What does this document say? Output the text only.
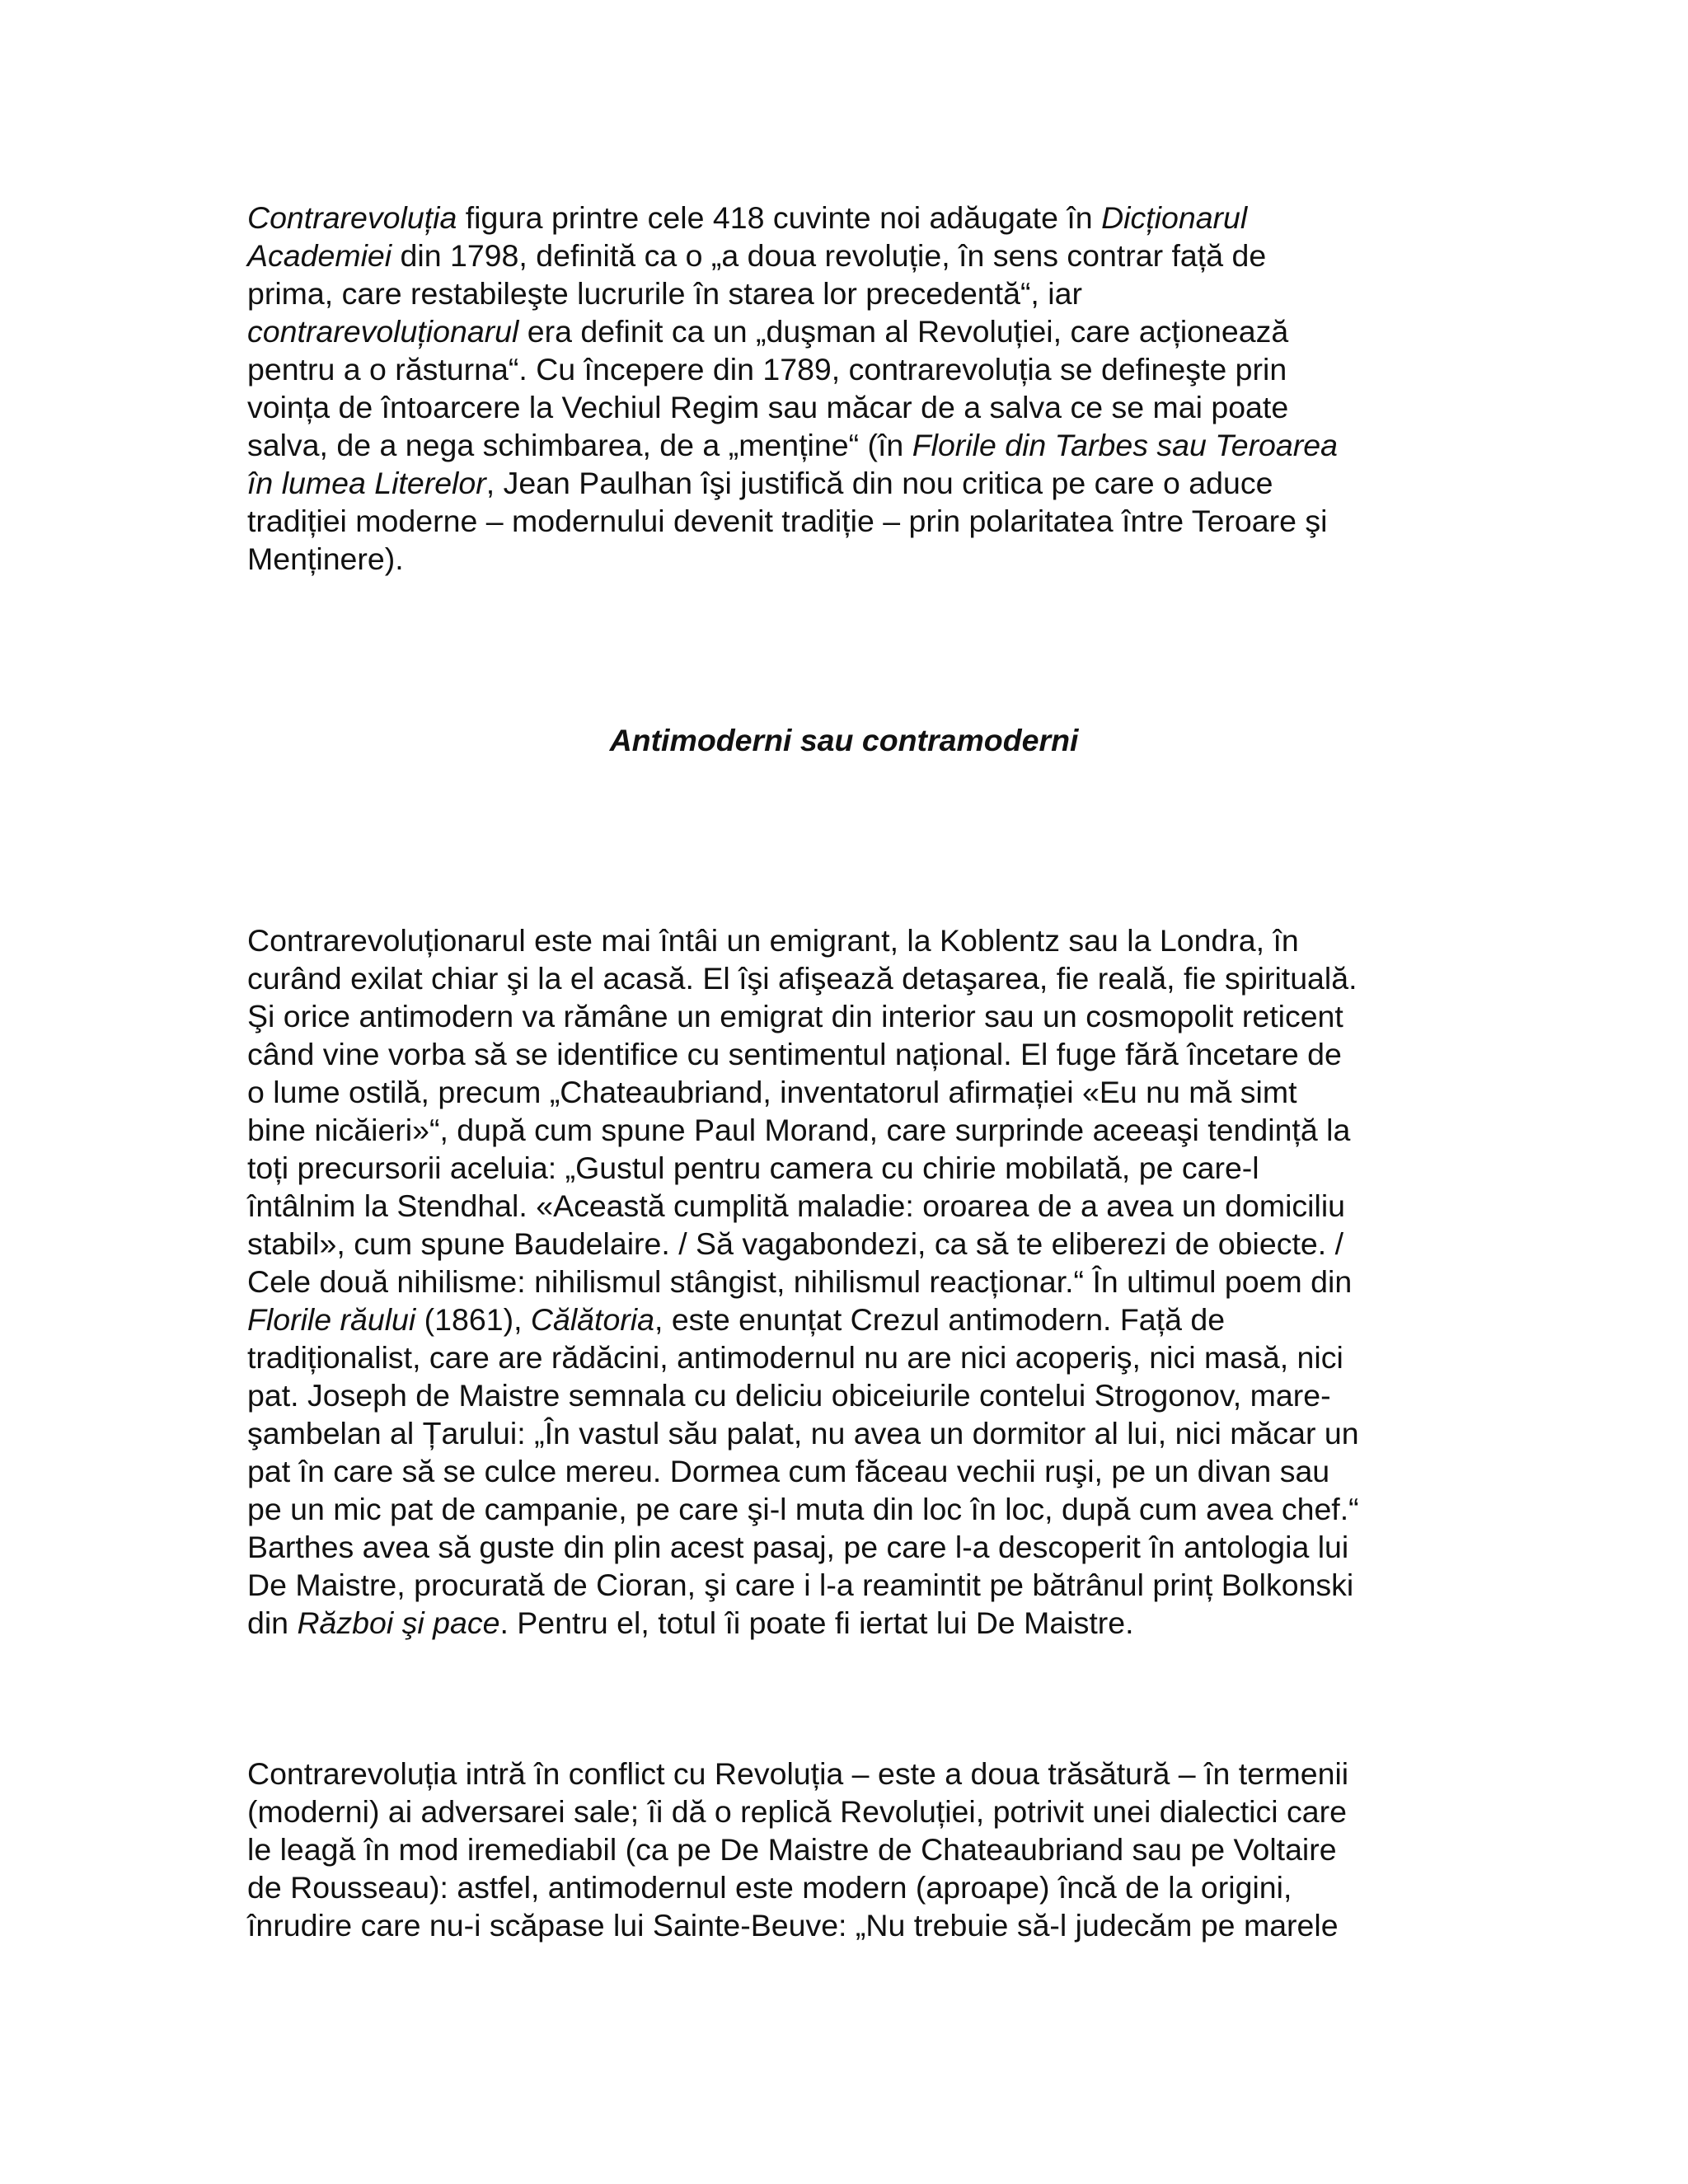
Contrarevoluția figura printre cele 418 cuvinte noi adăugate în Dicționarul
Academiei din 1798, definită ca o „a doua revoluție, în sens contrar față de
prima, care restabileşte lucrurile în starea lor precedentă“, iar
contrarevoluționarul era definit ca un „duşman al Revoluției, care acționează
pentru a o răsturna“. Cu începere din 1789, contrarevoluția se defineşte prin
voința de întoarcere la Vechiul Regim sau măcar de a salva ce se mai poate
salva, de a nega schimbarea, de a „menține“ (în Florile din Tarbes sau Teroarea
în lumea Literelor, Jean Paulhan îşi justifică din nou critica pe care o aduce
tradiției moderne – modernului devenit tradiție – prin polaritatea între Teroare şi
Menținere).
Antimoderni sau contramoderni
Contrarevoluționarul este mai întâi un emigrant, la Koblentz sau la Londra, în
curând exilat chiar şi la el acasă. El îşi afişează detaşarea, fie reală, fie spirituală.
Şi orice antimodern va rămâne un emigrat din interior sau un cosmopolit reticent
când vine vorba să se identifice cu sentimentul național. El fuge fără încetare de
o lume ostilă, precum „Chateaubriand, inventatorul afirmației «Eu nu mă simt
bine nicăieri»“, după cum spune Paul Morand, care surprinde aceeaşi tendință la
toți precursorii aceluia: „Gustul pentru camera cu chirie mobilată, pe care-l
întâlnim la Stendhal. «Această cumplită maladie: oroarea de a avea un domiciliu
stabil», cum spune Baudelaire. / Să vagabondezi, ca să te eliberezi de obiecte. /
Cele două nihilisme: nihilismul stângist, nihilismul reacționar.“ În ultimul poem din
Florile răului (1861), Călătoria, este enunțat Crezul antimodern. Față de
tradiționalist, care are rădăcini, antimodernul nu are nici acoperiş, nici masă, nici
pat. Joseph de Maistre semnala cu deliciu obiceiurile contelui Strogonov, mare-
şambelan al Țarului: „În vastul său palat, nu avea un dormitor al lui, nici măcar un
pat în care să se culce mereu. Dormea cum făceau vechii ruşi, pe un divan sau
pe un mic pat de campanie, pe care şi-l muta din loc în loc, după cum avea chef.“
Barthes avea să guste din plin acest pasaj, pe care l-a descoperit în antologia lui
De Maistre, procurată de Cioran, şi care i l-a reamintit pe bătrânul prinț Bolkonski
din Război şi pace. Pentru el, totul îi poate fi iertat lui De Maistre.
Contrarevoluția intră în conflict cu Revoluția – este a doua trăsătură – în termenii
(moderni) ai adversarei sale; îi dă o replică Revoluției, potrivit unei dialectici care
le leagă în mod iremediabil (ca pe De Maistre de Chateaubriand sau pe Voltaire
de Rousseau): astfel, antimodernul este modern (aproape) încă de la origini,
înrudire care nu-i scăpase lui Sainte-Beuve: „Nu trebuie să-l judecăm pe marele
